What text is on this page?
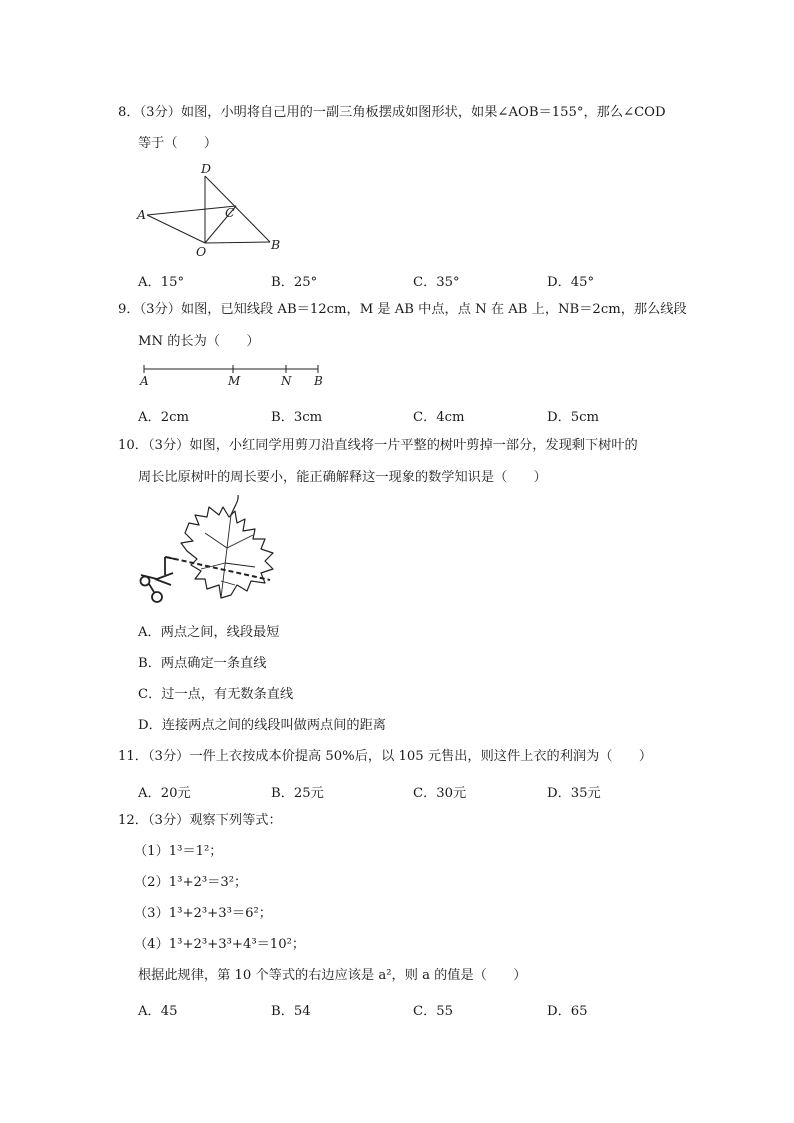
8．（3分）如图，小明将自己用的一副三角板摆成如图形状，如果∠AOB＝155°，那么∠COD
等于（　　）
D
A	C
O	B
A．15°	B．25°	C．35°	D．45°
9．（3分）如图，已知线段 AB＝12cm，M 是 AB 中点，点 N 在 AB 上，NB＝2cm，那么线段
MN 的长为（　　）
A	M	N B
A．2cm	B．3cm	C．4cm	D．5cm
10．（3分）如图，小红同学用剪刀沿直线将一片平整的树叶剪掉一部分，发现剩下树叶的
周长比原树叶的周长要小，能正确解释这一现象的数学知识是（　　）
A．两点之间，线段最短
B．两点确定一条直线
C．过一点，有无数条直线
D．连接两点之间的线段叫做两点间的距离
11．（3分）一件上衣按成本价提高 50%后，以 105 元售出，则这件上衣的利润为（　　）
A．20元	B．25元	C．30元	D．35元
12．（3分）观察下列等式：
（1）1³＝1²；
（2）1³+2³＝3²；
（3）1³+2³+3³＝6²；
（4）1³+2³+3³+4³＝10²；
根据此规律，第 10 个等式的右边应该是 a²，则 a 的值是（　　）
A．45	B．54	C．55	D．65
